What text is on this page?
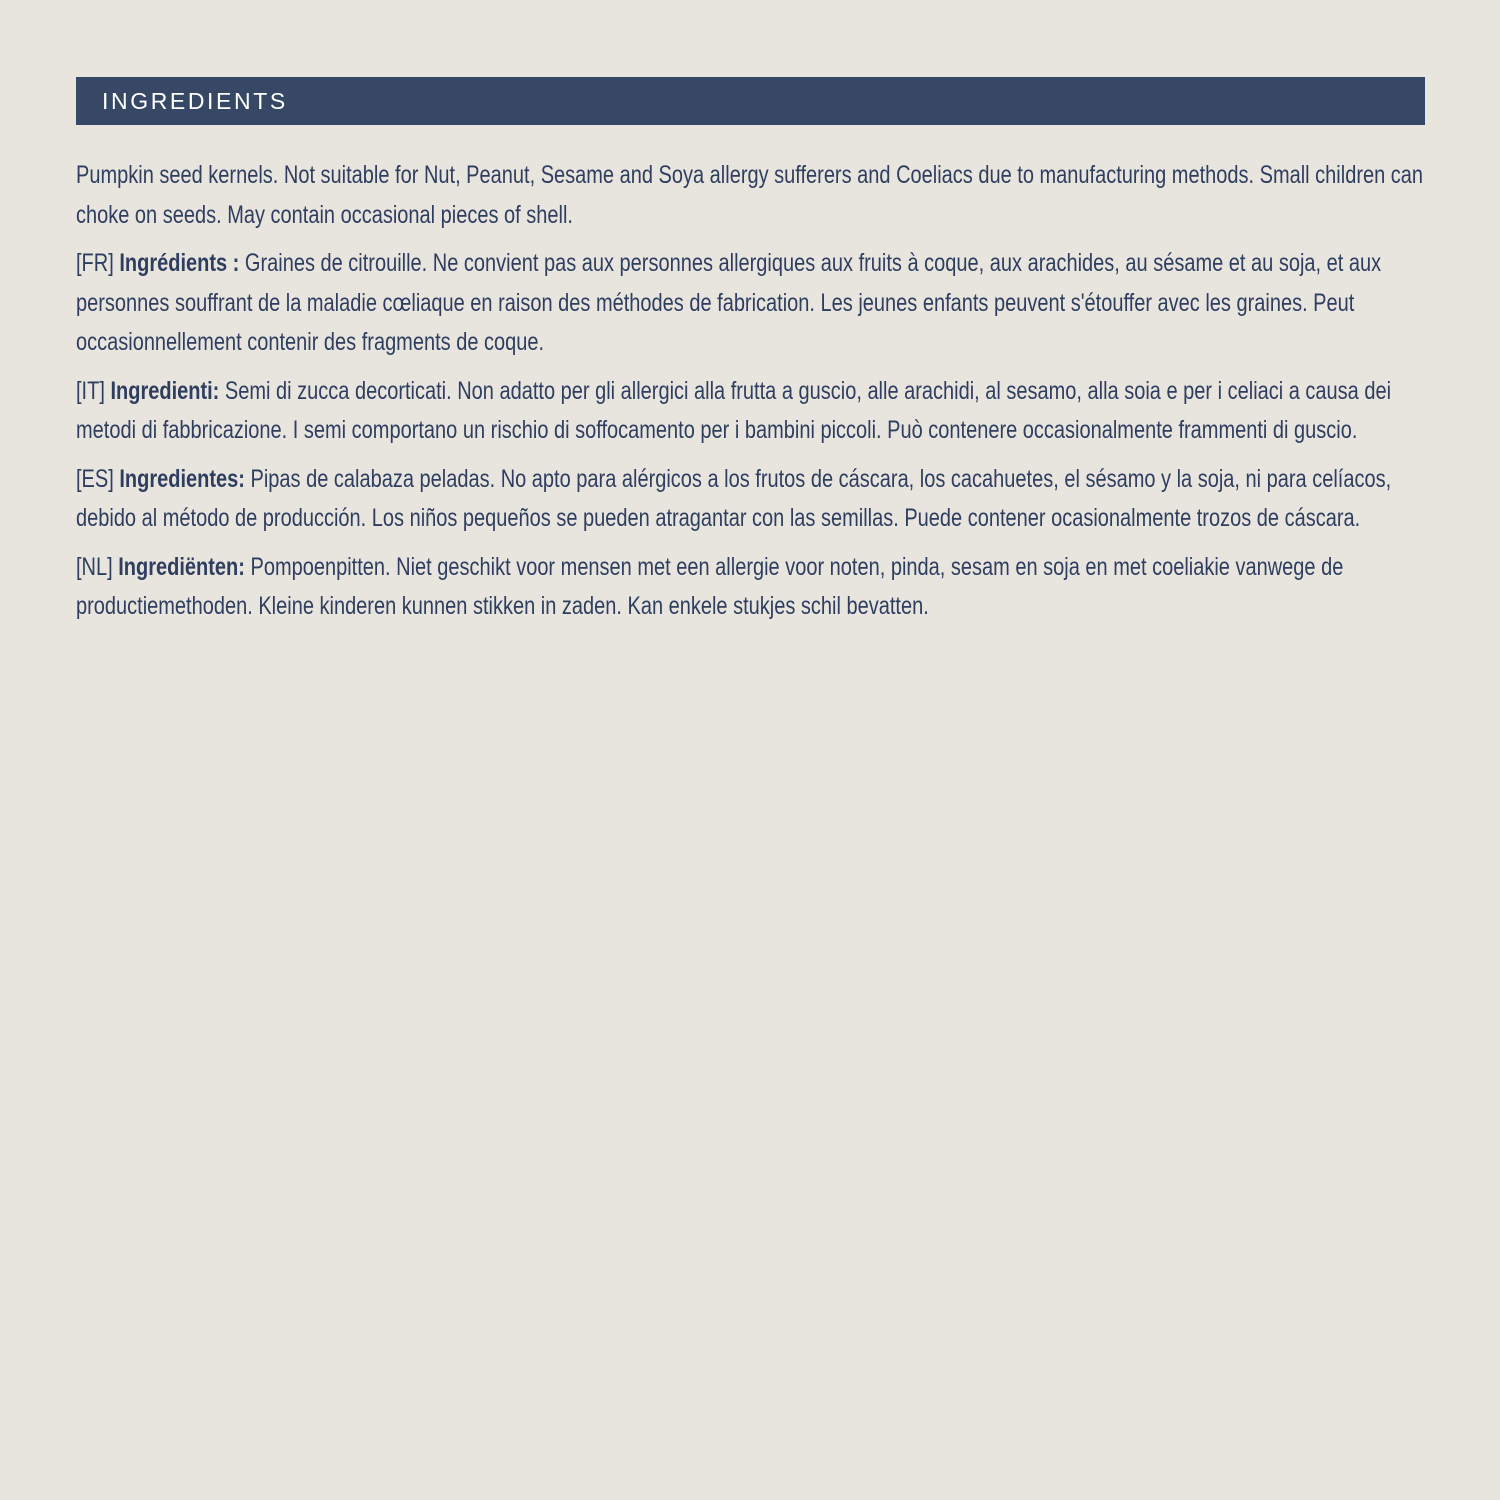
INGREDIENTS

Pumpkin seed kernels. Not suitable for Nut, Peanut, Sesame and Soya allergy sufferers and Coeliacs due to manufacturing methods. Small children can choke on seeds. May contain occasional pieces of shell.

[FR] Ingrédients : Graines de citrouille. Ne convient pas aux personnes allergiques aux fruits à coque, aux arachides, au sésame et au soja, et aux personnes souffrant de la maladie cœliaque en raison des méthodes de fabrication. Les jeunes enfants peuvent s'étouffer avec les graines. Peut occasionnellement contenir des fragments de coque.

[IT] Ingredienti: Semi di zucca decorticati. Non adatto per gli allergici alla frutta a guscio, alle arachidi, al sesamo, alla soia e per i celiaci a causa dei metodi di fabbricazione. I semi comportano un rischio di soffocamento per i bambini piccoli. Può contenere occasionalmente frammenti di guscio.

[ES] Ingredientes: Pipas de calabaza peladas. No apto para alérgicos a los frutos de cáscara, los cacahuetes, el sésamo y la soja, ni para celíacos, debido al método de producción. Los niños pequeños se pueden atragantar con las semillas. Puede contener ocasionalmente trozos de cáscara.

[NL] Ingrediënten: Pompoenpitten. Niet geschikt voor mensen met een allergie voor noten, pinda, sesam en soja en met coeliakie vanwege de productiemethoden. Kleine kinderen kunnen stikken in zaden. Kan enkele stukjes schil bevatten.
